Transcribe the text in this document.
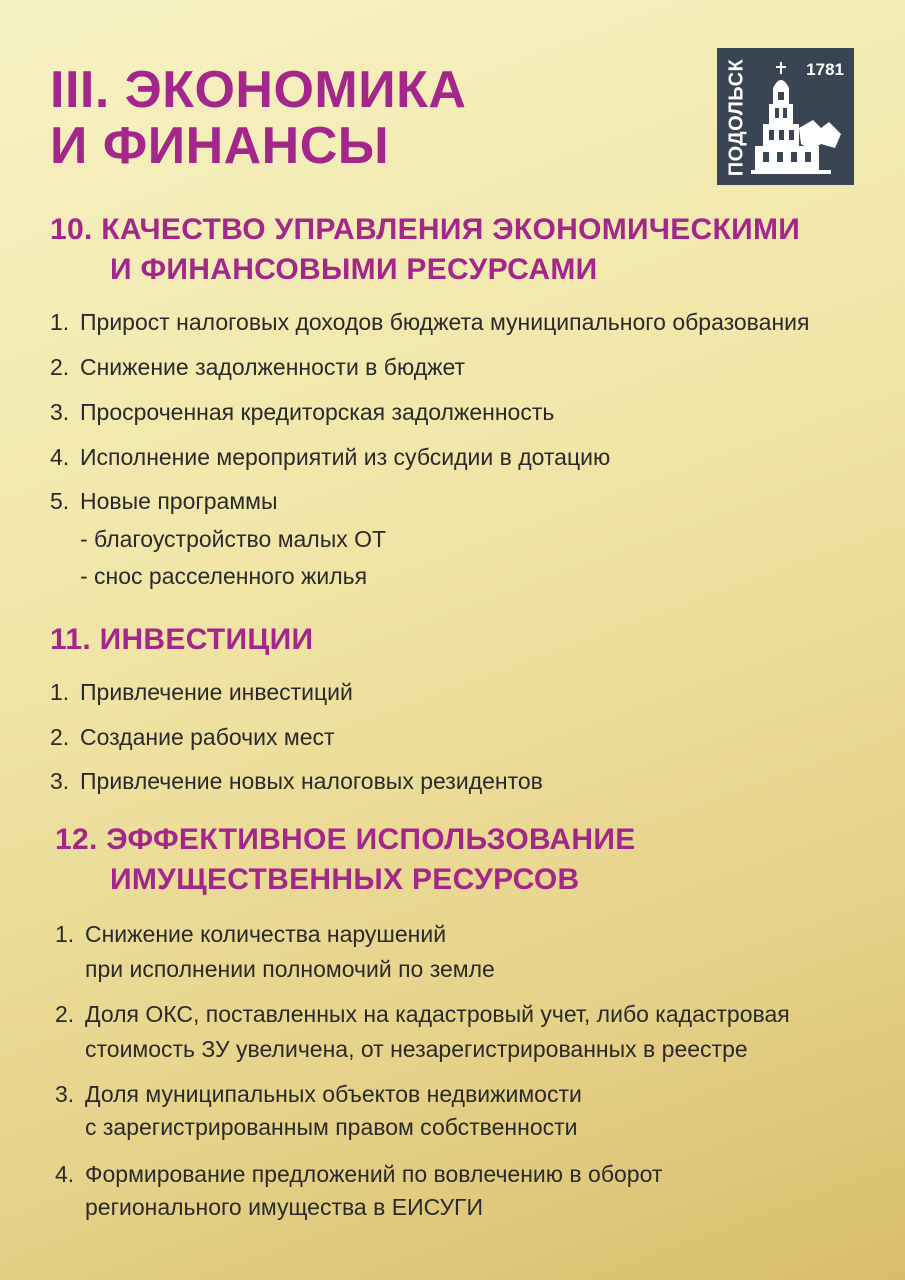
III. ЭКОНОМИКА
И ФИНАНСЫ	ПОДОЛЬСК	1781
10. КАЧЕСТВО УПРАВЛЕНИЯ ЭКОНОМИЧЕСКИМИ
И ФИНАНСОВЫМИ РЕСУРСАМИ
1. Прирост налоговых доходов бюджета муниципального образования
2. Снижение задолженности в бюджет
3. Просроченная кредиторская задолженность
4. Исполнение мероприятий из субсидии в дотацию
5. Новые программы
- благоустройство малых ОТ
- снос расселенного жилья
11. ИНВЕСТИЦИИ
1. Привлечение инвестиций
2. Создание рабочих мест
3. Привлечение новых налоговых резидентов
12. ЭФФЕКТИВНОЕ ИСПОЛЬЗОВАНИЕ
ИМУЩЕСТВЕННЫХ РЕСУРСОВ
1. Снижение количества нарушений
при исполнении полномочий по земле
2. Доля ОКС, поставленных на кадастровый учет, либо кадастровая
стоимость ЗУ увеличена, от незарегистрированных в реестре
3. Доля муниципальных объектов недвижимости
с зарегистрированным правом собственности
4. Формирование предложений по вовлечению в оборот
регионального имущества в ЕИСУГИ
